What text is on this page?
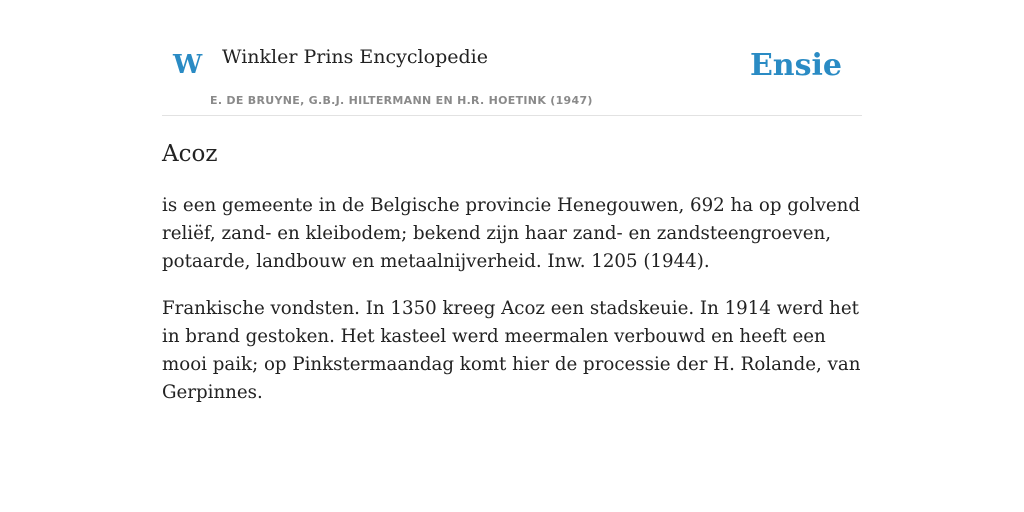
W Winkler Prins Encyclopedie
E. DE BRUYNE, G.B.J. HILTERMANN EN H.R. HOETINK (1947)
Ensie
Acoz

is een gemeente in de Belgische provincie Henegouwen, 692 ha op golvend reliëf, zand- en kleibodem; bekend zijn haar zand- en zandsteengroeven, potaarde, landbouw en metaalnijverheid. Inw. 1205 (1944).

Frankische vondsten. In 1350 kreeg Acoz een stadskeuie. In 1914 werd het in brand gestoken. Het kasteel werd meermalen verbouwd en heeft een mooi paik; op Pinkstermaandag komt hier de processie der H. Rolande, van Gerpinnes.
